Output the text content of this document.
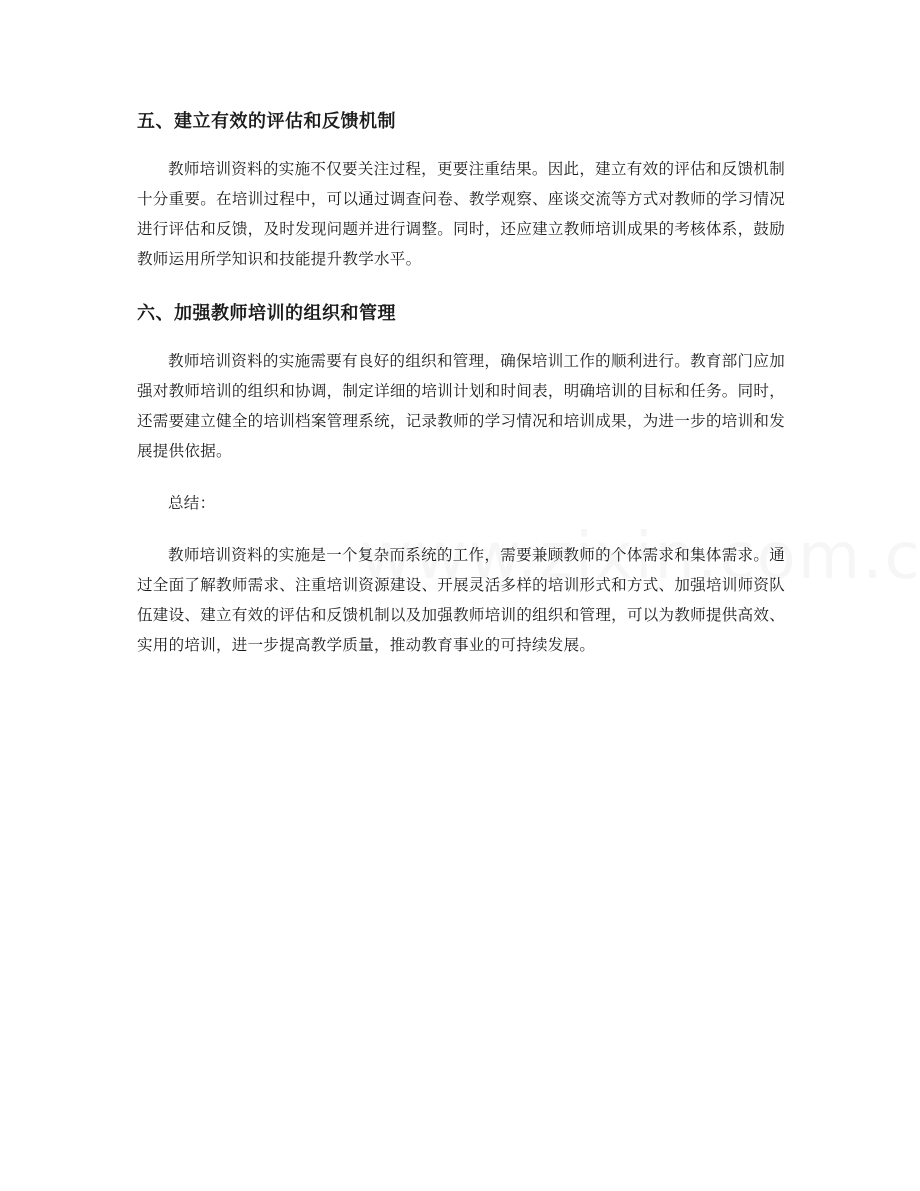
五、建立有效的评估和反馈机制

教师培训资料的实施不仅要关注过程，更要注重结果。因此，建立有效的评估和反馈机制十分重要。在培训过程中，可以通过调查问卷、教学观察、座谈交流等方式对教师的学习情况进行评估和反馈，及时发现问题并进行调整。同时，还应建立教师培训成果的考核体系，鼓励教师运用所学知识和技能提升教学水平。

六、加强教师培训的组织和管理

教师培训资料的实施需要有良好的组织和管理，确保培训工作的顺利进行。教育部门应加强对教师培训的组织和协调，制定详细的培训计划和时间表，明确培训的目标和任务。同时，还需要建立健全的培训档案管理系统，记录教师的学习情况和培训成果，为进一步的培训和发展提供依据。

总结：

教师培训资料的实施是一个复杂而系统的工作，需要兼顾教师的个体需求和集体需求。通过全面了解教师需求、注重培训资源建设、开展灵活多样的培训形式和方式、加强培训师资队伍建设、建立有效的评估和反馈机制以及加强教师培训的组织和管理，可以为教师提供高效、实用的培训，进一步提高教学质量，推动教育事业的可持续发展。
